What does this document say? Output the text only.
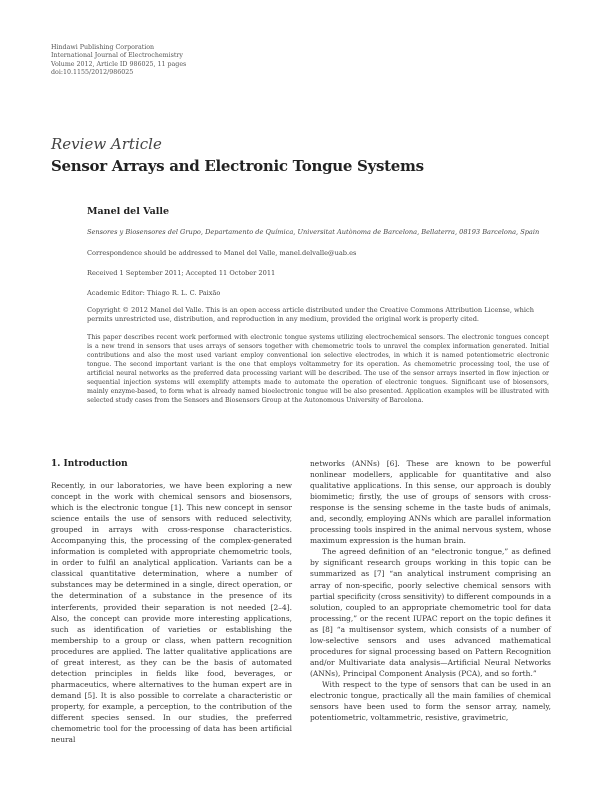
Hindawi Publishing Corporation
International Journal of Electrochemistry
Volume 2012, Article ID 986025, 11 pages
doi:10.1155/2012/986025
Review Article
Sensor Arrays and Electronic Tongue Systems
Manel del Valle
Sensores y Biosensores del Grupo, Departamento de Química, Universitat Autònoma de Barcelona, Bellaterra, 08193 Barcelona, Spain
Correspondence should be addressed to Manel del Valle, manel.delvalle@uab.es
Received 1 September 2011; Accepted 11 October 2011
Academic Editor: Thiago R. L. C. Paixão
Copyright © 2012 Manel del Valle. This is an open access article distributed under the Creative Commons Attribution License, which permits unrestricted use, distribution, and reproduction in any medium, provided the original work is properly cited.
This paper describes recent work performed with electronic tongue systems utilizing electrochemical sensors. The electronic tongues concept is a new trend in sensors that uses arrays of sensors together with chemometric tools to unravel the complex information generated. Initial contributions and also the most used variant employ conventional ion selective electrodes, in which it is named potentiometric electronic tongue. The second important variant is the one that employs voltammetry for its operation. As chemometric processing tool, the use of artificial neural networks as the preferred data processing variant will be described. The use of the sensor arrays inserted in flow injection or sequential injection systems will exemplify attempts made to automate the operation of electronic tongues. Significant use of biosensors, mainly enzyme-based, to form what is already named bioelectronic tongue will be also presented. Application examples will be illustrated with selected study cases from the Sensors and Biosensors Group at the Autonomous University of Barcelona.
1. Introduction

Recently, in our laboratories, we have been exploring a new concept in the work with chemical sensors and biosensors, which is the electronic tongue [1]. This new concept in sensor science entails the use of sensors with reduced selectivity, grouped in arrays with cross-response characteristics. Accompanying this, the processing of the complex-generated information is completed with appropriate chemometric tools, in order to fulfil an analytical application. Variants can be a classical quantitative determination, where a number of substances may be determined in a single, direct operation, or the determination of a substance in the presence of its interferents, provided their separation is not needed [2–4]. Also, the concept can provide more interesting applications, such as identification of varieties or establishing the membership to a group or class, when pattern recognition procedures are applied. The latter qualitative applications are of great interest, as they can be the basis of automated detection principles in fields like food, beverages, or pharmaceutics, where alternatives to the human expert are in demand [5]. It is also possible to correlate a characteristic or property, for example, a perception, to the contribution of the different species sensed. In our studies, the preferred chemometric tool for the processing of data has been artificial neural

networks (ANNs) [6]. These are known to be powerful nonlinear modellers, applicable for quantitative and also qualitative applications. In this sense, our approach is doubly biomimetic; firstly, the use of groups of sensors with cross-response is the sensing scheme in the taste buds of animals, and, secondly, employing ANNs which are parallel information processing tools inspired in the animal nervous system, whose maximum expression is the human brain.

The agreed definition of an “electronic tongue,” as defined by significant research groups working in this topic can be summarized as [7] “an analytical instrument comprising an array of non-specific, poorly selective chemical sensors with partial specificity (cross sensitivity) to different compounds in a solution, coupled to an appropriate chemometric tool for data processing,” or the recent IUPAC report on the topic defines it as [8] “a multisensor system, which consists of a number of low-selective sensors and uses advanced mathematical procedures for signal processing based on Pattern Recognition and/or Multivariate data analysis—Artificial Neural Networks (ANNs), Principal Component Analysis (PCA), and so forth.”

With respect to the type of sensors that can be used in an electronic tongue, practically all the main families of chemical sensors have been used to form the sensor array, namely, potentiometric, voltammetric, resistive, gravimetric,
